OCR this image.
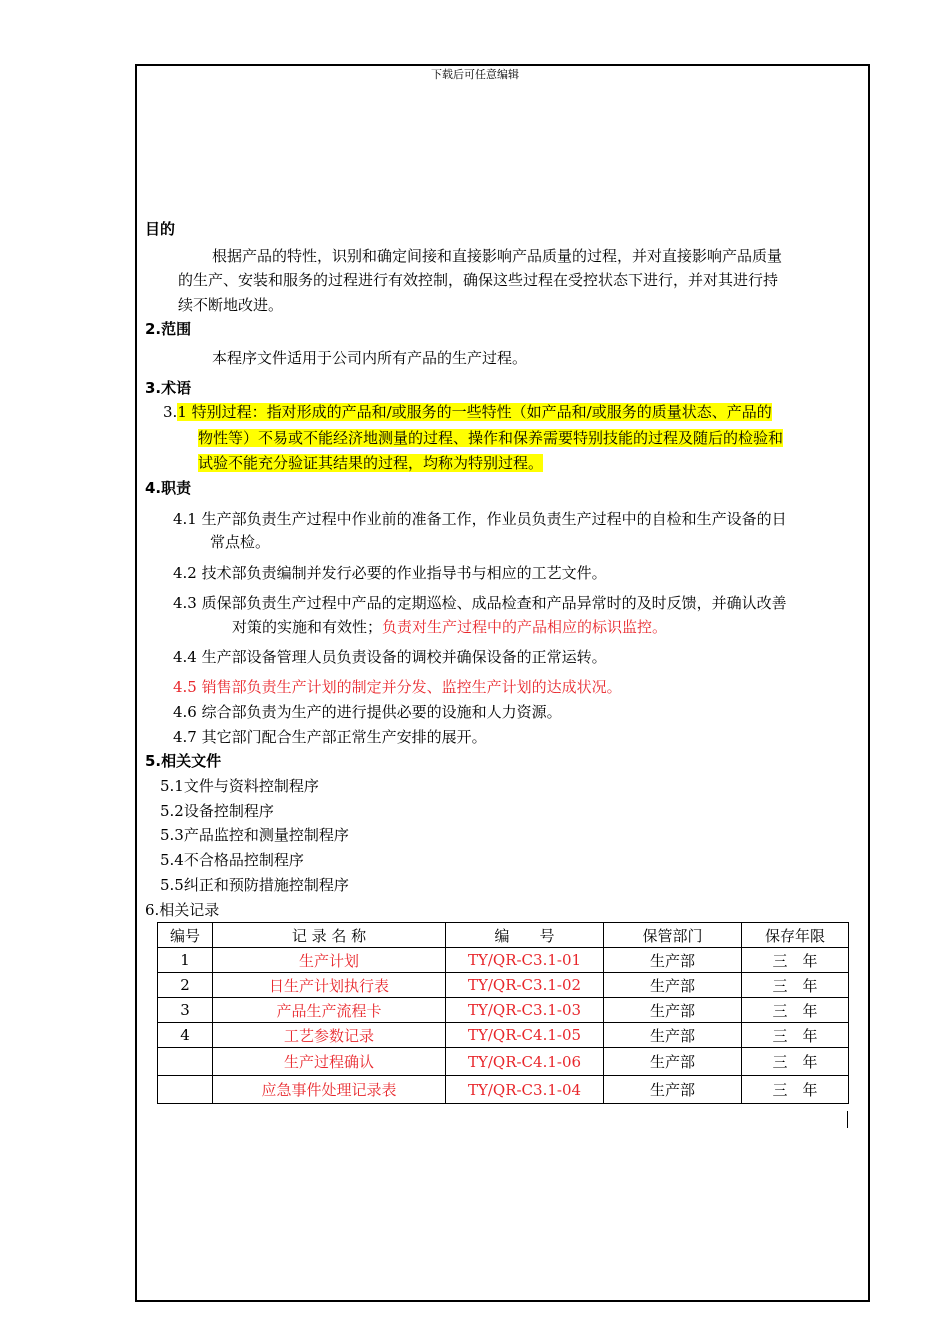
下载后可任意编辑
目的
根据产品的特性，识别和确定间接和直接影响产品质量的过程，并对直接影响产品质量
的生产、安装和服务的过程进行有效控制，确保这些过程在受控状态下进行，并对其进行持
续不断地改进。
2.范围
本程序文件适用于公司内所有产品的生产过程。
3.术语
3.1 特别过程：指对形成的产品和/或服务的一些特性（如产品和/或服务的质量状态、产品的
物性等）不易或不能经济地测量的过程、操作和保养需要特别技能的过程及随后的检验和
试验不能充分验证其结果的过程，均称为特别过程。
4.职责
4.1 生产部负责生产过程中作业前的准备工作，作业员负责生产过程中的自检和生产设备的日
常点检。
4.2 技术部负责编制并发行必要的作业指导书与相应的工艺文件。
4.3 质保部负责生产过程中产品的定期巡检、成品检查和产品异常时的及时反馈，并确认改善
对策的实施和有效性；负责对生产过程中的产品相应的标识监控。
4.4 生产部设备管理人员负责设备的调校并确保设备的正常运转。
4.5 销售部负责生产计划的制定并分发、监控生产计划的达成状况。
4.6 综合部负责为生产的进行提供必要的设施和人力资源。
4.7 其它部门配合生产部正常生产安排的展开。
5.相关文件
5.1文件与资料控制程序
5.2设备控制程序
5.3产品监控和测量控制程序
5.4不合格品控制程序
5.5纠正和预防措施控制程序
6.相关记录
编号	记 录 名 称	编　　号	保管部门	保存年限
1	生产计划	TY/QR-C3.1-01	生产部	三　年
2	日生产计划执行表	TY/QR-C3.1-02	生产部	三　年
3	产品生产流程卡	TY/QR-C3.1-03	生产部	三　年
4	工艺参数记录	TY/QR-C4.1-05	生产部	三　年
	生产过程确认	TY/QR-C4.1-06	生产部	三　年
	应急事件处理记录表	TY/QR-C3.1-04	生产部	三　年
